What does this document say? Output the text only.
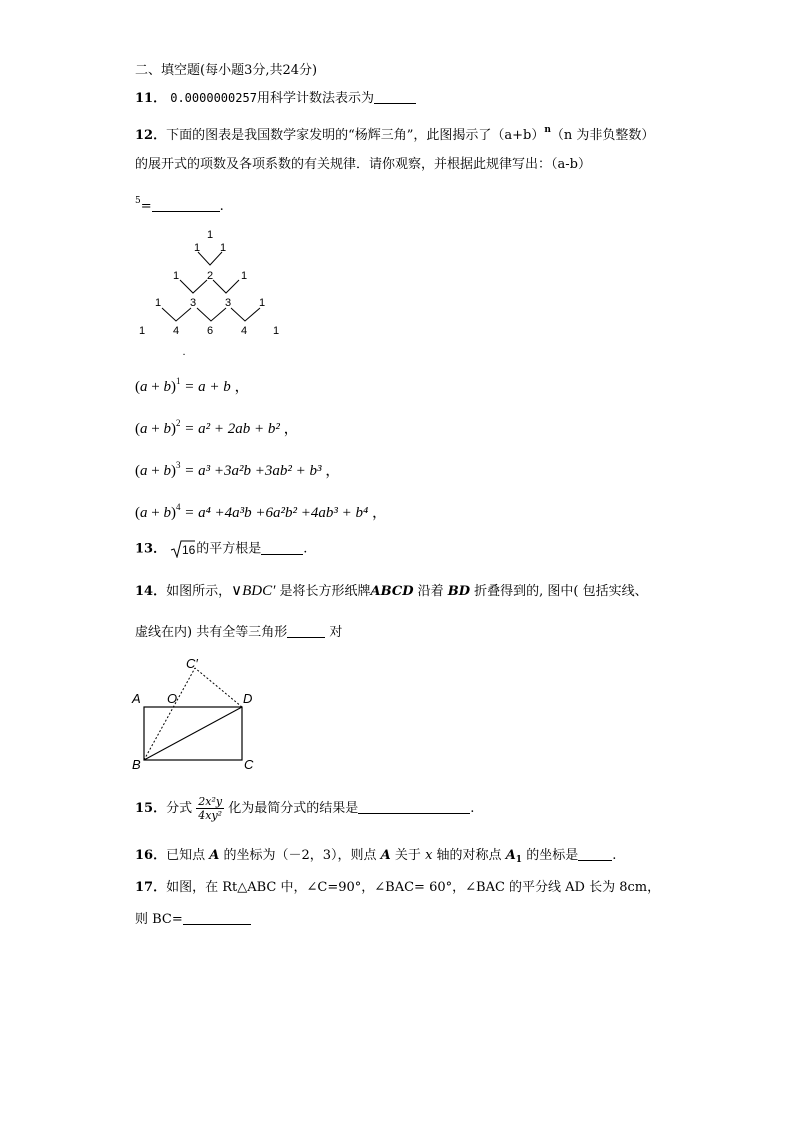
二、填空题(每小题3分,共24分)
11． 0.0000000257用科学计数法表示为
12．下面的图表是我国数学家发明的“杨辉三角”，此图揭示了$(a+b)^n(n$ 为非负整数）
的展开式的项数及各项系数的有关规律．请你观察，并根据此规律写出：（a-b）
$^5$=	.
1
1 1
1	2	1
1	3	3	1
1	4	6	4 1
.
$(a + b)^1 = a + b$ ，
$(a + b)^2 = a^2 + 2ab + b^2$ ，
$(a + b)^3 = a^3 +3a^2b +3ab^2 + b^3$ ，
$(a + b)^4 = a^4 +4a^3b +6a^2b^2 +4ab^3 + b^4$ ，
13． 16 的平方根是	.
14．如图所示，∨BDC′ 是将长方形纸牌ABCD 沿着 BD 折叠得到的, 图中( 包括实线、
虚线在内) 共有全等三角形	对
C′
A O	D
B	C
15．分式 $\frac{\text{2x²y}}{\text{4xy²}}$ 化为最简分式的结果是	.
16．已知点 A 的坐标为（－2，3），则点 A 关于 x 轴的对称点 $A_1$ 的坐标是	.
17．如图，在 Rt△ABC 中，∠C=90°，∠BAC= 60°，∠BAC 的平分线 AD 长为 8cm，
则 BC=
